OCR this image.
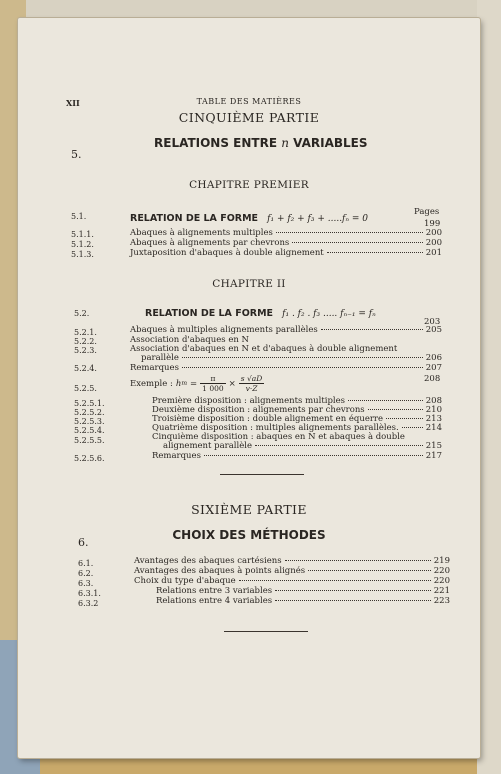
XII	TABLE DES MATIÈRES
CINQUIÈME PARTIE
5.
RELATIONS ENTRE n VARIABLES
CHAPITRE PREMIER
5.1.	RELATION DE LA FORME f₁ + f₂ + f₃ + .....fₙ = 0
Pages
199
5.1.1.	Abaques à alignements multiples	200
5.1.2.	Abaques à alignements par chevrons	200
5.1.3.	Juxtaposition d'abaques à double alignement	201
CHAPITRE II
5.2.	RELATION DE LA FORME f₁ . f₂ . f₃ ..... fₙ₋₁ = fₙ
203
5.2.1.	Abaques à multiples alignements parallèles	205
5.2.2.	Association d'abaques en N
5.2.3.	Association d'abaques en N et d'abaques à double alignement
parallèle	206
5.2.4.	Remarques	207
5.2.5.	Exemple : h $m = \frac{\pi}{1 000} \times \frac{s √aD}{v\cdot Z}$	208
5.2.5.1.	Première disposition : alignements multiples	208
5.2.5.2.	Deuxième disposition : alignements par chevrons	210
5.2.5.3.	Troisième disposition : double alignement en équerre	213
5.2.5.4.	Quatrième disposition : multiples alignements parallèles.	214
5.2.5.5.	Cinquième disposition : abaques en N et abaques à double
alignement parallèle	215
5.2.5.6.	Remarques	217
SIXIÈME PARTIE
6.
CHOIX DES MÉTHODES
6.1.	Avantages des abaques cartésiens	219
6.2.	Avantages des abaques à points alignés	220
6.3.	Choix du type d'abaque	220
6.3.1.	Relations entre 3 variables	221
6.3.2	Relations entre 4 variables	223
